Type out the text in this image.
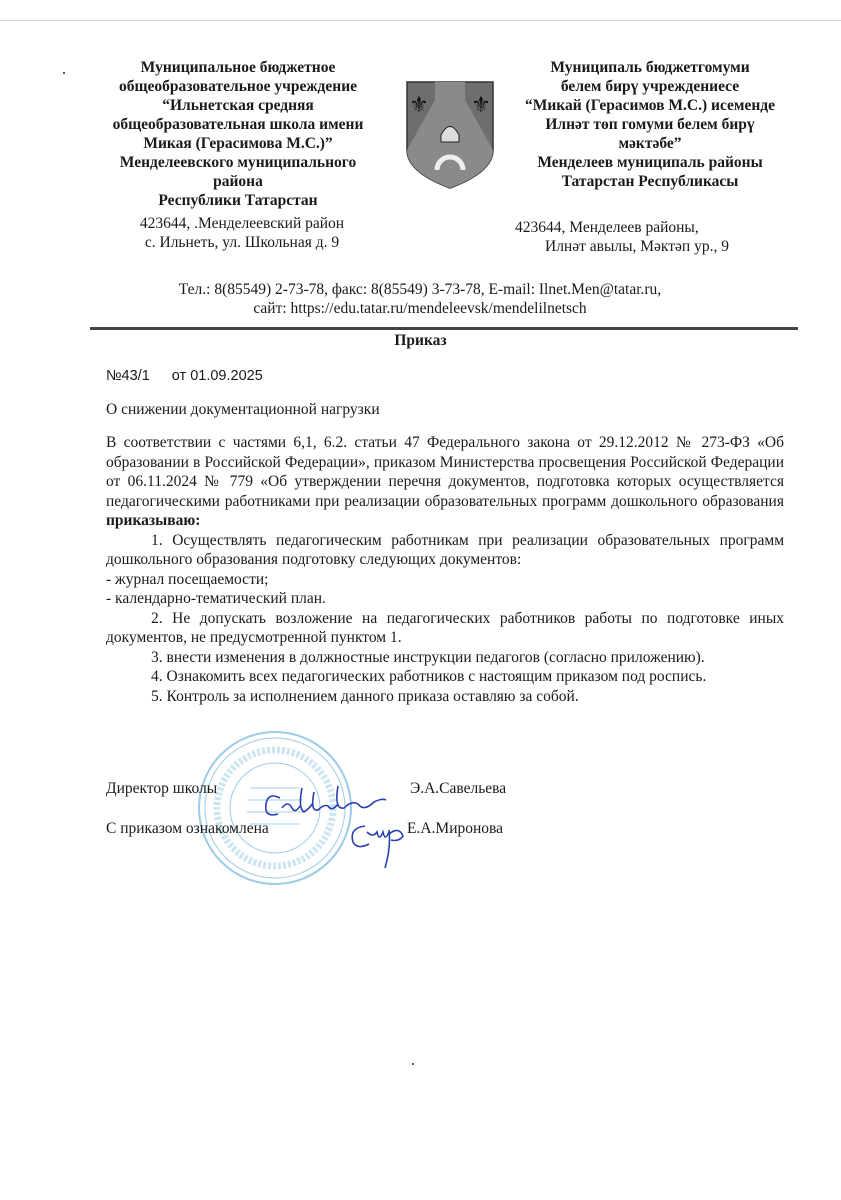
Муниципальное бюджетное
общеобразовательное учреждение
“Ильнетская средняя
общеобразовательная школа имени
Микая (Герасимова М.С.)”
Менделеевского муниципального
района
Республики Татарстан
423644, .Менделеевский район
с. Ильнеть, ул. Школьная д. 9
⚜ ⚜
Муниципаль бюджетгомуми
белем бирү учреждениесе
“Микай (Герасимов М.С.) исеменде
Илнәт төп гомуми белем бирү
мәктәбе”
Менделеев муниципаль районы
Татарстан Республикасы
423644, Менделеев районы,
Илнәт авылы, Мәктәп ур., 9
Тел.: 8(85549) 2-73-78, факс: 8(85549) 3-73-78, E-mail: Ilnet.Men@tatar.ru,
сайт: https://edu.tatar.ru/mendeleevsk/mendelilnetsch
Приказ
№43/1 от 01.09.2025
О снижении документационной нагрузки

В соответствии с частями 6,1, 6.2. статьи 47 Федерального закона от 29.12.2012 № 273-ФЗ «Об образовании в Российской Федерации», приказом Министерства просвещения Российской Федерации от 06.11.2024 № 779 «Об утверждении перечня документов, подготовка которых осуществляется педагогическими работниками при реализации образовательных программ дошкольного образования приказываю:

1. Осуществлять педагогическим работникам при реализации образовательных программ дошкольного образования подготовку следующих документов:

- журнал посещаемости;

- календарно-тематический план.

2. Не допускать возложение на педагогических работников работы по подготовке иных документов, не предусмотренной пунктом 1.

3. внести изменения в должностные инструкции педагогов (согласно приложению).

4. Ознакомить всех педагогических работников с настоящим приказом под роспись.

5. Контроль за исполнением данного приказа оставляю за собой.

Директор школы	Э.А.Савельева
С приказом ознакомлена	Е.А.Миронова
